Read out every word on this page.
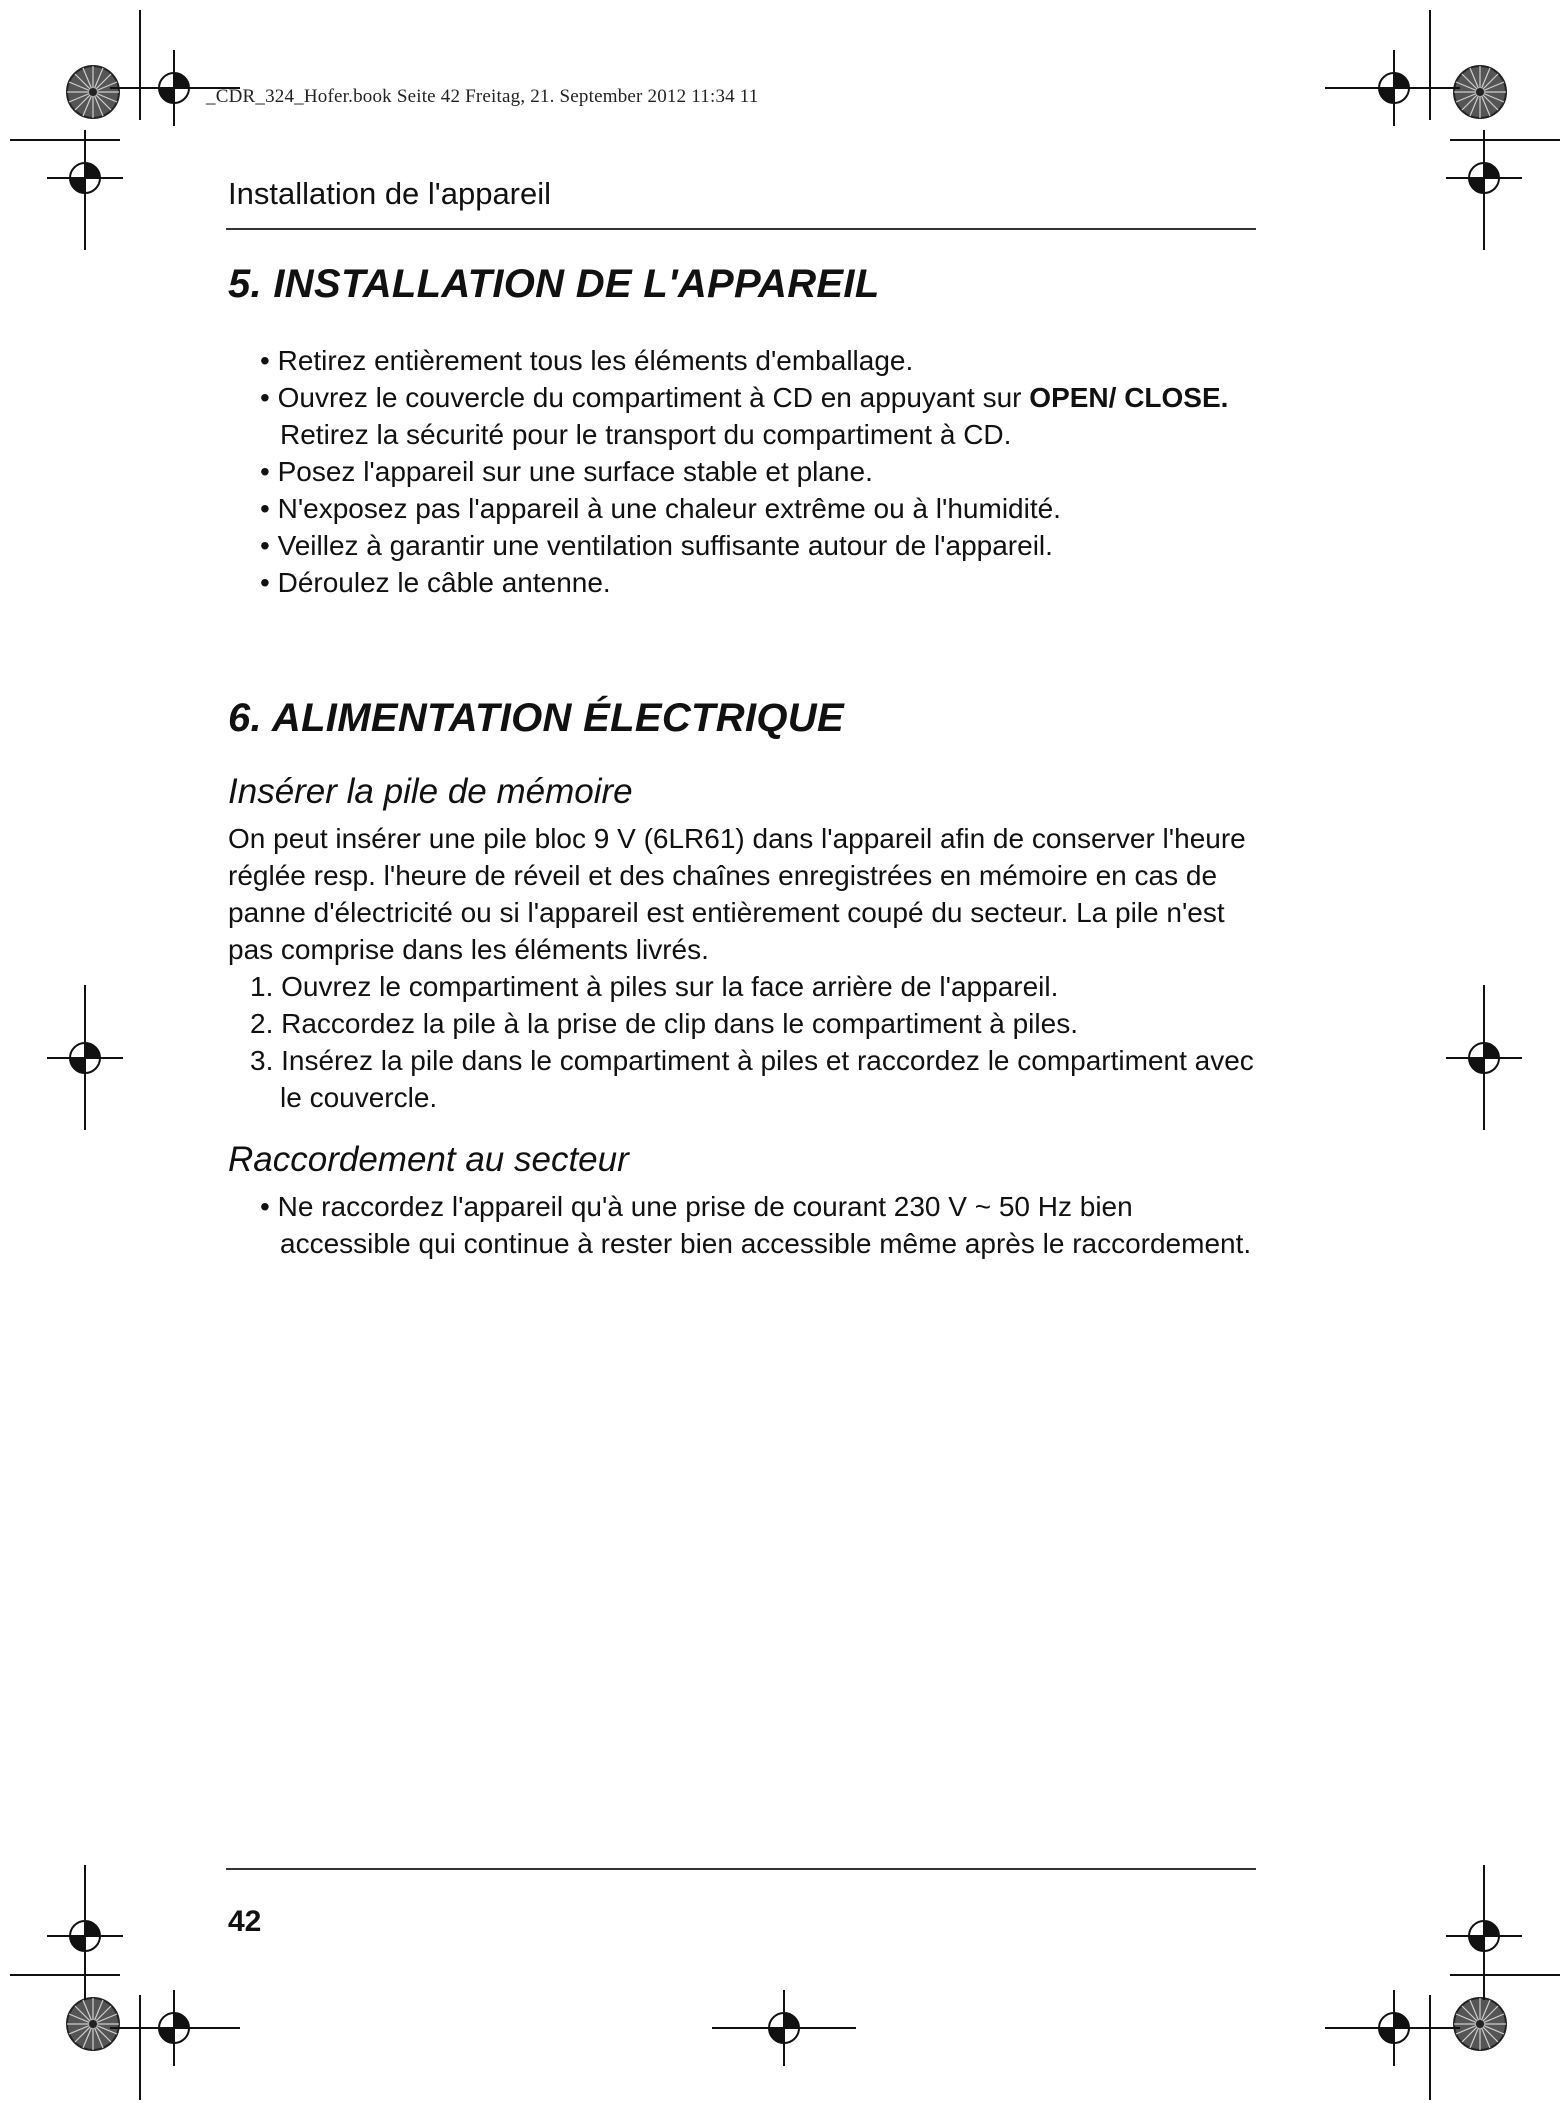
_CDR_324_Hofer.book Seite 42 Freitag, 21. September 2012 11:34 11
Installation de l'appareil
5. INSTALLATION DE L'APPAREIL
• Retirez entièrement tous les éléments d'emballage.
• Ouvrez le couvercle du compartiment à CD en appuyant sur OPEN/ CLOSE. Retirez la sécurité pour le transport du compartiment à CD.
• Posez l'appareil sur une surface stable et plane.
• N'exposez pas l'appareil à une chaleur extrême ou à l'humidité.
• Veillez à garantir une ventilation suffisante autour de l'appareil.
• Déroulez le câble antenne.
6. ALIMENTATION ÉLECTRIQUE
Insérer la pile de mémoire

On peut insérer une pile bloc 9 V (6LR61) dans l'appareil afin de conserver l'heure réglée resp. l'heure de réveil et des chaînes enregistrées en mémoire en cas de panne d'électricité ou si l'appareil est entièrement coupé du secteur. La pile n'est pas comprise dans les éléments livrés.

1. Ouvrez le compartiment à piles sur la face arrière de l'appareil.
2. Raccordez la pile à la prise de clip dans le compartiment à piles.
3. Insérez la pile dans le compartiment à piles et raccordez le compartiment avec le couvercle.
Raccordement au secteur
• Ne raccordez l'appareil qu'à une prise de courant 230 V ~ 50 Hz bien accessible qui continue à rester bien accessible même après le raccordement.
42
